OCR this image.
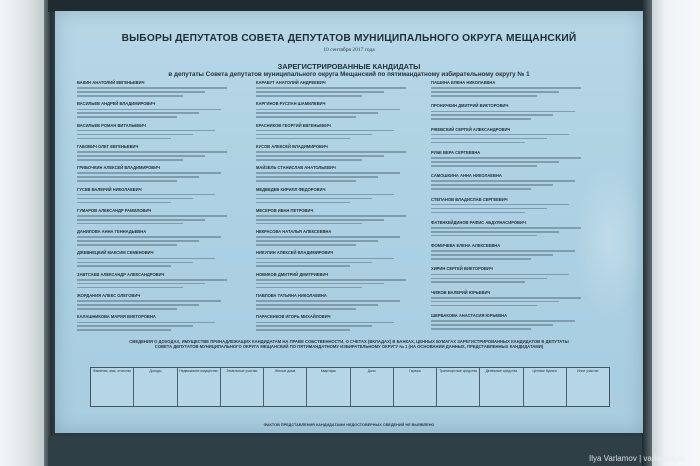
ВЫБОРЫ ДЕПУТАТОВ СОВЕТА ДЕПУТАТОВ МУНИЦИПАЛЬНОГО ОКРУГА МЕЩАНСКИЙ
10 сентября 2017 года
ЗАРЕГИСТРИРОВАННЫЕ КАНДИДАТЫ
в депутаты Совета депутатов муниципального округа Мещанский по пятимандатному избирательному округу № 1
БАКИН АНАТОЛИЙ ЕВГЕНЬЕВИЧ
ВАСИЛЬЕВ АНДРЕЙ ВЛАДИМИРОВИЧ
ВАСИЛЬЕВ РОМАН ВИТАЛЬЕВИЧ
ГАБОВИЧ ОЛЕГ ЕВГЕНЬЕВИЧ
ГРИБОЧКИН АЛЕКСЕЙ ВЛАДИМИРОВИЧ
ГУСЕВ ВАЛЕРИЙ НИКОЛАЕВИЧ
ГУМАРОВ АЛЕКСАНДР РАМИЛОВИЧ
ДАНИЛОВА АННА ГЕННАДЬЕВНА
ДЖЕВНЕЦКИЙ МАКСИМ СЕМЕНОВИЧ
ЗАВТСАЕВ АЛЕКСАНДР АЛЕКСАНДРОВИЧ
ЖОРДАНИЯ АЛЕКС ОЛЕГОВИЧ
КАЛАШНИКОВА МАРИЯ ВИКТОРОВНА
КАРАБУТ АНАТОЛИЙ АНДРЕЕВИЧ
КАРГИНОВ РУСЛАН ШАМИЛЕВИЧ
КРАСНИКОВ ГЕОРГИЙ ЕВГЕНЬЕВИЧ
КУСОВ АЛЕКСЕЙ ВЛАДИМИРОВИЧ
МАЙЗЕЛЬ СТАНИСЛАВ АНАТОЛЬЕВИЧ
МЕДВЕДЕВ КИРИЛЛ ФЕДОРОВИЧ
МЕСЕРОВ ИВАН ПЕТРОВИЧ
НЕКРАСОВА НАТАЛЬЯ АЛЕКСЕЕВНА
НИКУЛИН АЛЕКСЕЙ ВЛАДИМИРОВИЧ
НОВИКОВ ДМИТРИЙ ДМИТРИЕВИЧ
ПАВЛОВА ТАТЬЯНА НИКОЛАЕВНА
ПАРАСЕНКОВ ИГОРЬ МИХАЙЛОВИЧ
ПАШИНА ЕЛЕНА НИКОЛАЕВНА
ПРОНИЧКИН ДМИТРИЙ ВИКТОРОВИЧ
РЖЕВСКИЙ СЕРГЕЙ АЛЕКСАНДРОВИЧ
РУБЕ ВЕРА СЕРГЕЕВНА
САМОШКИНА АННА НИКОЛАЕВНА
СТЕПАНОВ ВЛАДИСЛАВ СЕРГЕЕВИЧ
ФАТЕНКЕЙДИНОВ РАФИС АБДУЛНАСИРОВИЧ
ФОМИЧЕВА ЕЛЕНА АЛЕКСЕЕВНА
ХИРИН СЕРГЕЙ ВИКТОРОВИЧ
ЧИЖОВ ВАЛЕРИЙ ЮРЬЕВИЧ
ШЕРБАКОВА АНАСТАСИЯ ЮРЬЕВНА
СВЕДЕНИЯ О ДОХОДАХ, ИМУЩЕСТВЕ ПРИНАДЛЕЖАЩИХ КАНДИДАТАМ НА ПРАВЕ СОБСТВЕННОСТИ, О СЧЕТАХ (ВКЛАДАХ) В БАНКАХ, ЦЕННЫХ БУМАГАХ ЗАРЕГИСТРИРОВАННЫХ КАНДИДАТОВ В ДЕПУТАТЫ СОВЕТА ДЕПУТАТОВ МУНИЦИПАЛЬНОГО ОКРУГА МЕЩАНСКИЙ ПО ПЯТИМАНДАТНОМУ ИЗБИРАТЕЛЬНОМУ ОКРУГУ № 1 (НА ОСНОВАНИИ ДАННЫХ, ПРЕДСТАВЛЕННЫХ КАНДИДАТАМИ)
Фамилия, имя, отчество	Доходы	Недвижимое имущество	Земельные участки	Жилые дома	Квартиры	Дачи	Гаражи	Транспортные средства	Денежные средства	Ценные бумаги	Иное участие
ФАКТОВ ПРЕДСТАВЛЕНИЯ КАНДИДАТАМИ НЕДОСТОВЕРНЫХ СВЕДЕНИЙ НЕ ВЫЯВЛЕНО
Ilya Varlamov | varlamov.ru
